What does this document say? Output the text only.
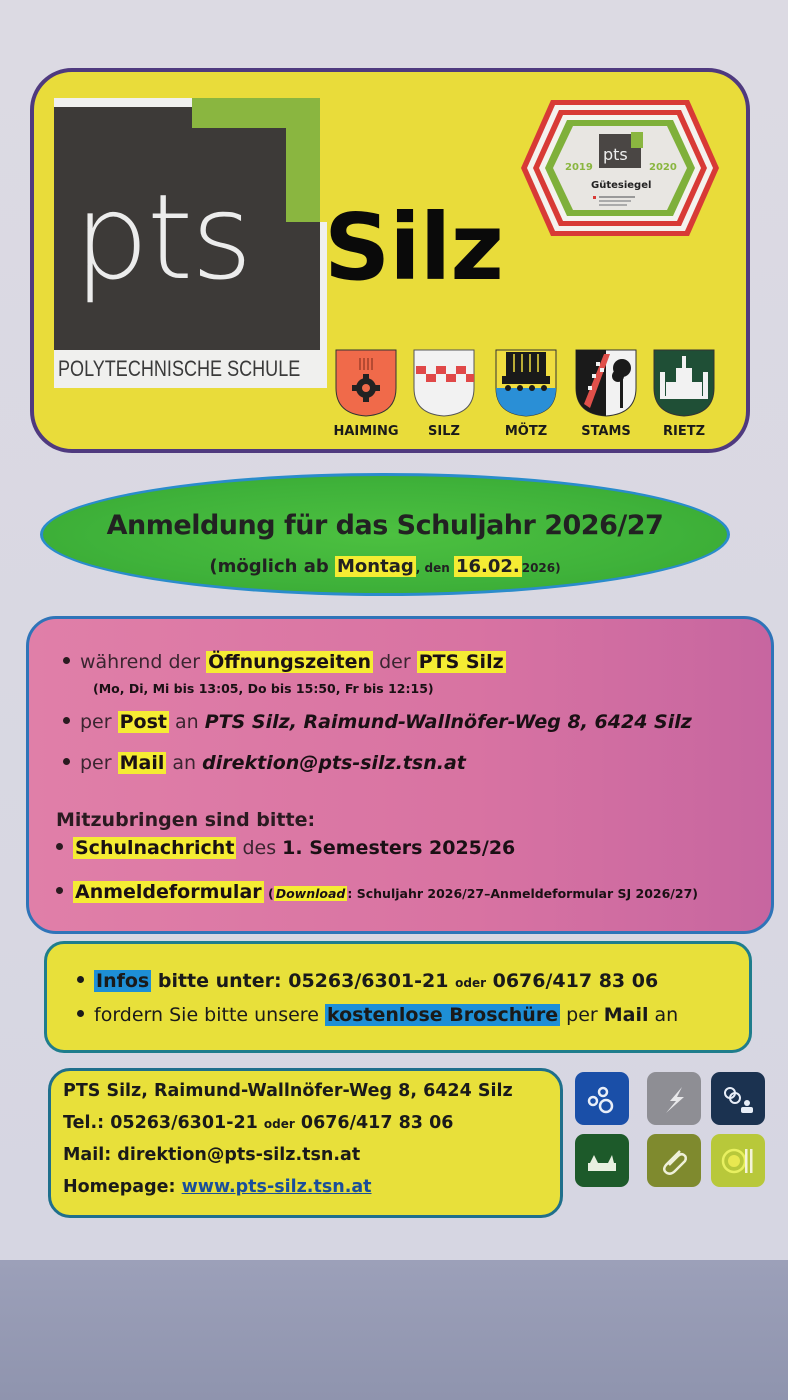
pts
POLYTECHNISCHE SCHULE
Silz
pts
2019	2020
Gütesiegel
HAIMING	SILZ	MÖTZ	STAMS	RIETZ
Anmeldung für das Schuljahr 2026/27
(möglich ab Montag , den 16.02. 2026)
während der Öffnungszeiten der PTS Silz
(Mo, Di, Mi bis 13:05, Do bis 15:50, Fr bis 12:15)
per Post an PTS Silz, Raimund-Wallnöfer-Weg 8, 6424 Silz
per Mail an direktion@pts-silz.tsn.at
Mitzubringen sind bitte:
Schulnachricht des 1. Semesters 2025/26
Anmeldeformular ( Download : Schuljahr 2026/27–Anmeldeformular SJ 2026/27)
Infos bitte unter: 05263/6301-21 oder 0676/417 83 06
fordern Sie bitte unsere kostenlose Broschüre per Mail an
PTS Silz, Raimund-Wallnöfer-Weg 8, 6424 Silz
Tel.: 05263/6301-21 oder 0676/417 83 06
Mail: direktion@pts-silz.tsn.at
Homepage: www.pts-silz.tsn.at
